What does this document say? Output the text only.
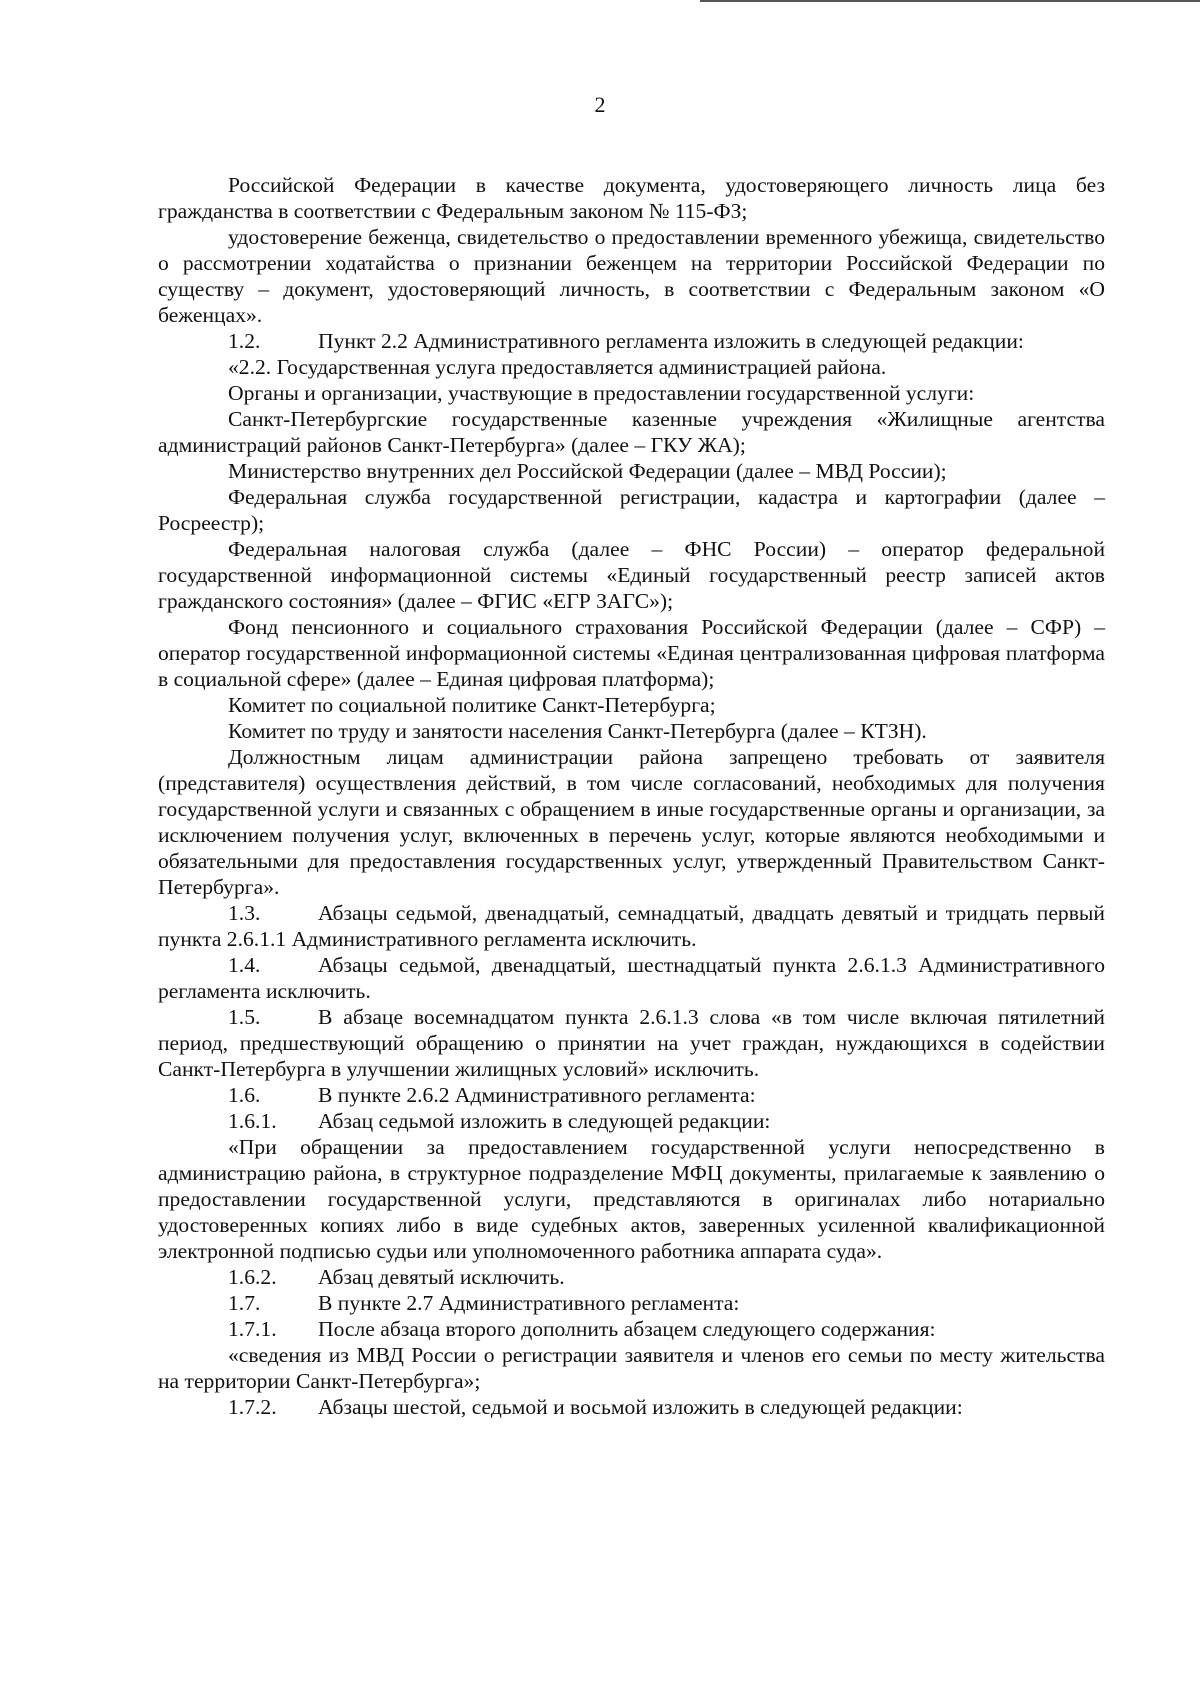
2

Российской Федерации в качестве документа, удостоверяющего личность лица без гражданства в соответствии с Федеральным законом № 115-ФЗ;

удостоверение беженца, свидетельство о предоставлении временного убежища, свидетельство о рассмотрении ходатайства о признании беженцем на территории Российской Федерации по существу – документ, удостоверяющий личность, в соответствии с Федеральным законом «О беженцах».

1.2.	Пункт 2.2 Административного регламента изложить в следующей редакции:

«2.2. Государственная услуга предоставляется администрацией района.

Органы и организации, участвующие в предоставлении государственной услуги:

Санкт-Петербургские государственные казенные учреждения «Жилищные агентства администраций районов Санкт-Петербурга» (далее – ГКУ ЖА);

Министерство внутренних дел Российской Федерации (далее – МВД России);

Федеральная служба государственной регистрации, кадастра и картографии (далее – Росреестр);

Федеральная налоговая служба (далее – ФНС России) – оператор федеральной государственной информационной системы «Единый государственный реестр записей актов гражданского состояния» (далее – ФГИС «ЕГР ЗАГС»);

Фонд пенсионного и социального страхования Российской Федерации (далее – СФР) – оператор государственной информационной системы «Единая централизованная цифровая платформа в социальной сфере» (далее – Единая цифровая платформа);

Комитет по социальной политике Санкт-Петербурга;

Комитет по труду и занятости населения Санкт-Петербурга (далее – КТЗН).

Должностным лицам администрации района запрещено требовать от заявителя (представителя) осуществления действий, в том числе согласований, необходимых для получения государственной услуги и связанных с обращением в иные государственные органы и организации, за исключением получения услуг, включенных в перечень услуг, которые являются необходимыми и обязательными для предоставления государственных услуг, утвержденный Правительством Санкт-Петербурга».

1.3.	Абзацы седьмой, двенадцатый, семнадцатый, двадцать девятый и тридцать первый пункта 2.6.1.1 Административного регламента исключить.

1.4.	Абзацы седьмой, двенадцатый, шестнадцатый пункта 2.6.1.3 Административного регламента исключить.

1.5.	В абзаце восемнадцатом пункта 2.6.1.3 слова «в том числе включая пятилетний период, предшествующий обращению о принятии на учет граждан, нуждающихся в содействии Санкт-Петербурга в улучшении жилищных условий» исключить.

1.6.	В пункте 2.6.2 Административного регламента:

1.6.1. Абзац седьмой изложить в следующей редакции:

«При обращении за предоставлением государственной услуги непосредственно в администрацию района, в структурное подразделение МФЦ документы, прилагаемые к заявлению о предоставлении государственной услуги, представляются в оригиналах либо нотариально удостоверенных копиях либо в виде судебных актов, заверенных усиленной квалификационной электронной подписью судьи или уполномоченного работника аппарата суда».

1.6.2. Абзац девятый исключить.

1.7.	В пункте 2.7 Административного регламента:

1.7.1. После абзаца второго дополнить абзацем следующего содержания:

«сведения из МВД России о регистрации заявителя и членов его семьи по месту жительства на территории Санкт-Петербурга»;

1.7.2. Абзацы шестой, седьмой и восьмой изложить в следующей редакции:
